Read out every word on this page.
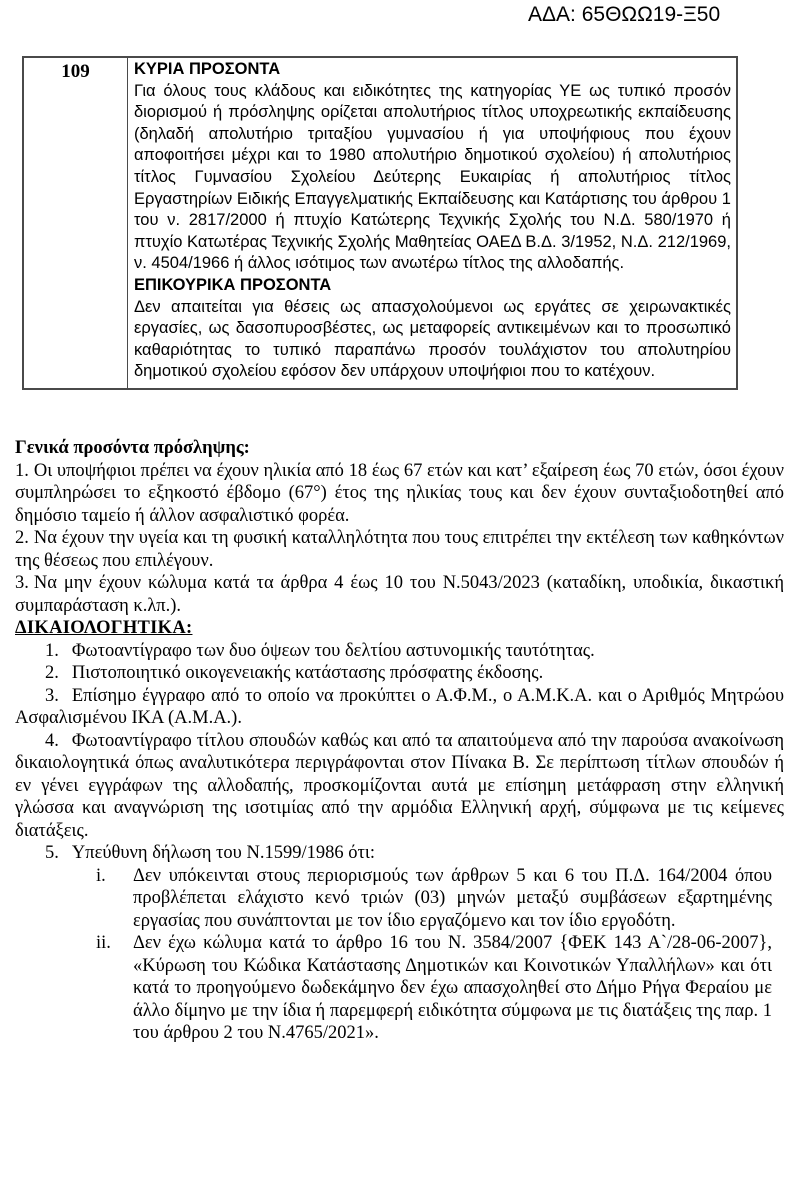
ΑΔΑ: 65ΘΩΩ19-Ξ50
109	ΚΥΡΙΑ ΠΡΟΣΟΝΤΑ
Για όλους τους κλάδους και ειδικότητες της κατηγορίας ΥΕ ως τυπικό προσόν διορισμού ή πρόσληψης ορίζεται απολυτήριος τίτλος υποχρεωτικής εκπαίδευσης (δηλαδή απολυτήριο τριταξίου γυμνασίου ή για υποψήφιους που έχουν αποφοιτήσει μέχρι και το 1980 απολυτήριο δημοτικού σχολείου) ή απολυτήριος τίτλος Γυμνασίου Σχολείου Δεύτερης Ευκαιρίας ή απολυτήριος τίτλος Εργαστηρίων Ειδικής Επαγγελματικής Εκπαίδευσης και Κατάρτισης του άρθρου 1 του ν. 2817/2000 ή πτυχίο Κατώτερης Τεχνικής Σχολής του Ν.Δ. 580/1970 ή πτυχίο Κατωτέρας Τεχνικής Σχολής Μαθητείας ΟΑΕΔ Β.Δ. 3/1952, Ν.Δ. 212/1969, ν. 4504/1966 ή άλλος ισότιμος των ανωτέρω τίτλος της αλλοδαπής.
ΕΠΙΚΟΥΡΙΚΑ ΠΡΟΣΟΝΤΑ
Δεν απαιτείται για θέσεις ως απασχολούμενοι ως εργάτες σε χειρωνακτικές εργασίες, ως δασοπυροσβέστες, ως μεταφορείς αντικειμένων και το προσωπικό καθαριότητας το τυπικό παραπάνω προσόν τουλάχιστον του απολυτηρίου δημοτικού σχολείου εφόσον δεν υπάρχουν υποψήφιοι που το κατέχουν.
Γενικά προσόντα πρόσληψης:

1. Οι υποψήφιοι πρέπει να έχουν ηλικία από 18 έως 67 ετών και κατ’ εξαίρεση έως 70 ετών, όσοι έχουν συμπληρώσει το εξηκοστό έβδομο (67°) έτος της ηλικίας τους και δεν έχουν συνταξιοδοτηθεί από δημόσιο ταμείο ή άλλον ασφαλιστικό φορέα.

2. Να έχουν την υγεία και τη φυσική καταλληλότητα που τους επιτρέπει την εκτέλεση των καθηκόντων της θέσεως που επιλέγουν.

3. Να μην έχουν κώλυμα κατά τα άρθρα 4 έως 10 του Ν.5043/2023 (καταδίκη, υποδικία, δικαστική συμπαράσταση κ.λπ.).

ΔΙΚΑΙΟΛΟΓΗΤΙΚΑ:

1. Φωτοαντίγραφο των δυο όψεων του δελτίου αστυνομικής ταυτότητας.

2. Πιστοποιητικό οικογενειακής κατάστασης πρόσφατης έκδοσης.

3. Επίσημο έγγραφο από το οποίο να προκύπτει ο Α.Φ.Μ., ο Α.Μ.Κ.Α. και ο Αριθμός Μητρώου Ασφαλισμένου ΙΚΑ (Α.Μ.Α.).

4. Φωτοαντίγραφο τίτλου σπουδών καθώς και από τα απαιτούμενα από την παρούσα ανακοίνωση δικαιολογητικά όπως αναλυτικότερα περιγράφονται στον Πίνακα Β. Σε περίπτωση τίτλων σπουδών ή εν γένει εγγράφων της αλλοδαπής, προσκομίζονται αυτά με επίσημη μετάφραση στην ελληνική γλώσσα και αναγνώριση της ισοτιμίας από την αρμόδια Ελληνική αρχή, σύμφωνα με τις κείμενες διατάξεις.

5. Υπεύθυνη δήλωση του Ν.1599/1986 ότι:

i.	Δεν υπόκεινται στους περιορισμούς των άρθρων 5 και 6 του Π.Δ. 164/2004 όπου προβλέπεται ελάχιστο κενό τριών (03) μηνών μεταξύ συμβάσεων εξαρτημένης εργασίας που συνάπτονται με τον ίδιο εργαζόμενο και τον ίδιο εργοδότη.
ii.	Δεν έχω κώλυμα κατά το άρθρο 16 του Ν. 3584/2007 {ΦΕΚ 143 Α`/28-06-2007}, «Κύρωση του Κώδικα Κατάστασης Δημοτικών και Κοινοτικών Υπαλλήλων» και ότι κατά το προηγούμενο δωδεκάμηνο δεν έχω απασχοληθεί στο Δήμο Ρήγα Φεραίου με άλλο δίμηνο με την ίδια ή παρεμφερή ειδικότητα σύμφωνα με τις διατάξεις της παρ. 1 του άρθρου 2 του Ν.4765/2021».
